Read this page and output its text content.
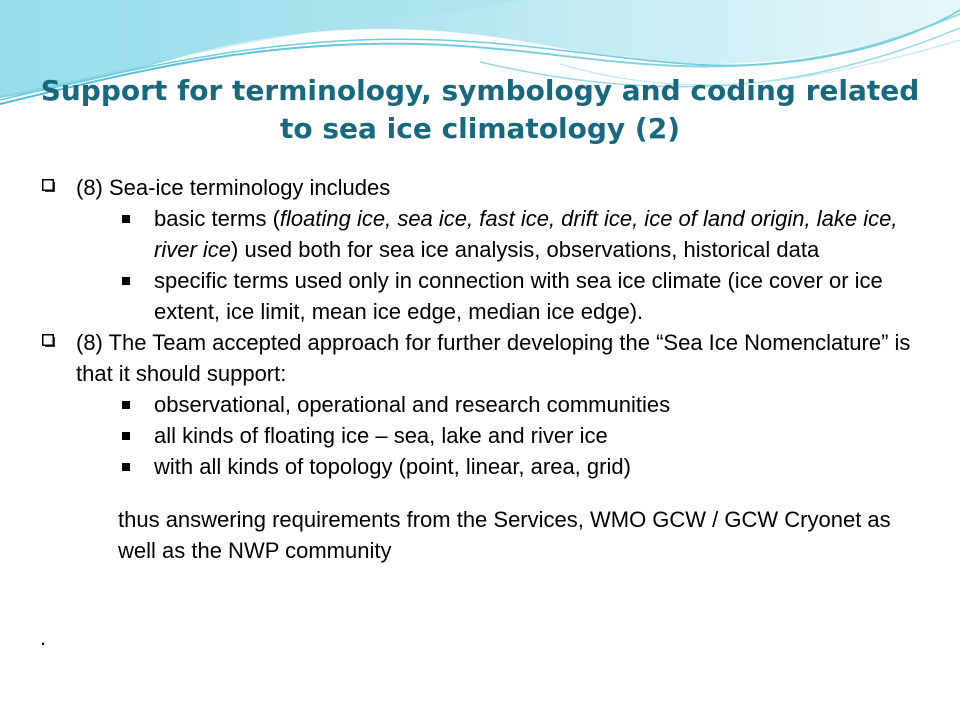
Support for terminology, symbology and coding related
to sea ice climatology (2)
(8) Sea-ice terminology includes
basic terms (floating ice, sea ice, fast ice, drift ice, ice of land origin, lake ice, river ice) used both for sea ice analysis, observations, historical data
specific terms used only in connection with sea ice climate (ice cover or ice extent, ice limit, mean ice edge, median ice edge).
(8) The Team accepted approach for further developing the “Sea Ice Nomenclature” is that it should support:
observational, operational and research communities
all kinds of floating ice – sea, lake and river ice
with all kinds of topology (point, linear, area, grid)
thus answering requirements from the Services, WMO GCW / GCW Cryonet as well as the NWP community
.
